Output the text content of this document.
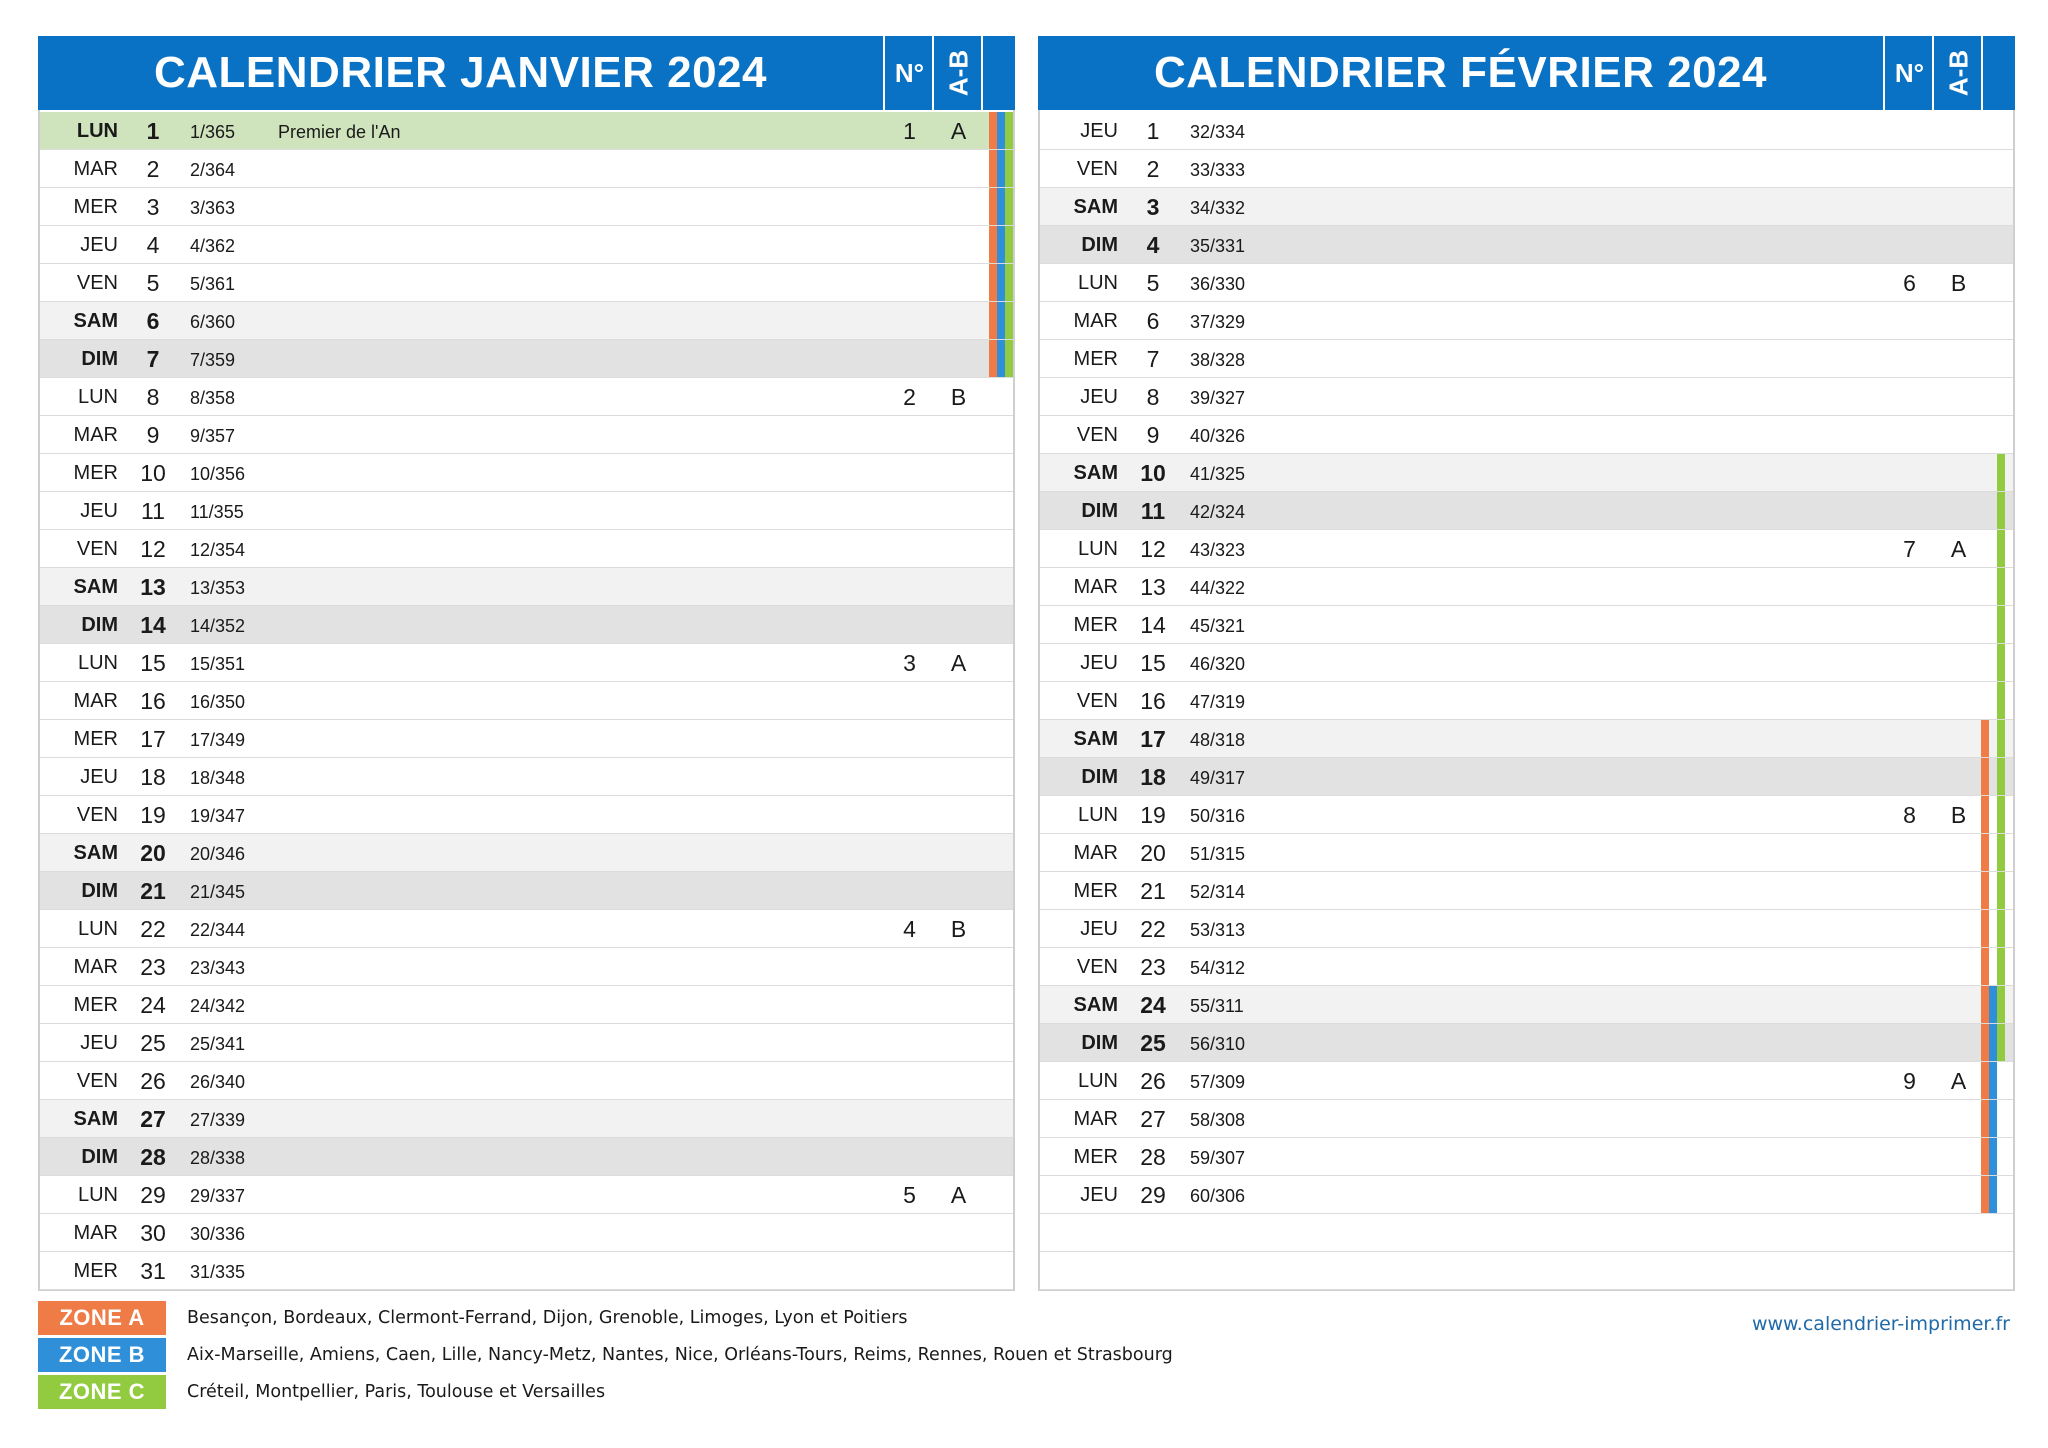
CALENDRIER JANVIER 2024	N° A-B
LUN	1	1/365 Premier de l'An	1	A
MAR	2	2/364
MER	3	3/363
JEU	4	4/362
VEN	5	5/361
SAM	6	6/360
DIM	7	7/359
LUN	8	8/358	2	B
MAR	9	9/357
MER 10	10/356
JEU	11	11/355
VEN 12	12/354
SAM 13	13/353
DIM 14	14/352
LUN 15	15/351	3	A
MAR 16	16/350
MER 17	17/349
JEU 18	18/348
VEN 19	19/347
SAM 20	20/346
DIM 21	21/345
LUN 22	22/344	4	B
MAR 23	23/343
MER 24	24/342
JEU 25	25/341
VEN 26	26/340
SAM 27	27/339
DIM 28	28/338
LUN 29	29/337	5	A
MAR 30	30/336
MER 31	31/335
CALENDRIER FÉVRIER 2024	N° A-B
JEU	1	32/334
VEN	2	33/333
SAM	3	34/332
DIM	4	35/331
LUN	5	36/330	6	B
MAR	6	37/329
MER	7	38/328
JEU	8	39/327
VEN	9	40/326
SAM 10	41/325
DIM 11	42/324
LUN 12	43/323	7	A
MAR 13	44/322
MER 14	45/321
JEU 15	46/320
VEN 16	47/319
SAM 17	48/318
DIM 18	49/317
LUN 19	50/316	8	B
MAR 20	51/315
MER 21	52/314
JEU 22	53/313
VEN 23	54/312
SAM 24	55/311
DIM 25	56/310
LUN 26	57/309	9	A
MAR 27	58/308
MER 28	59/307
JEU 29	60/306
ZONE A	Besançon, Bordeaux, Clermont-Ferrand, Dijon, Grenoble, Limoges, Lyon et Poitiers
ZONE B	Aix-Marseille, Amiens, Caen, Lille, Nancy-Metz, Nantes, Nice, Orléans-Tours, Reims, Rennes, Rouen et Strasbourg
ZONE C	Créteil, Montpellier, Paris, Toulouse et Versailles
www.calendrier-imprimer.fr
